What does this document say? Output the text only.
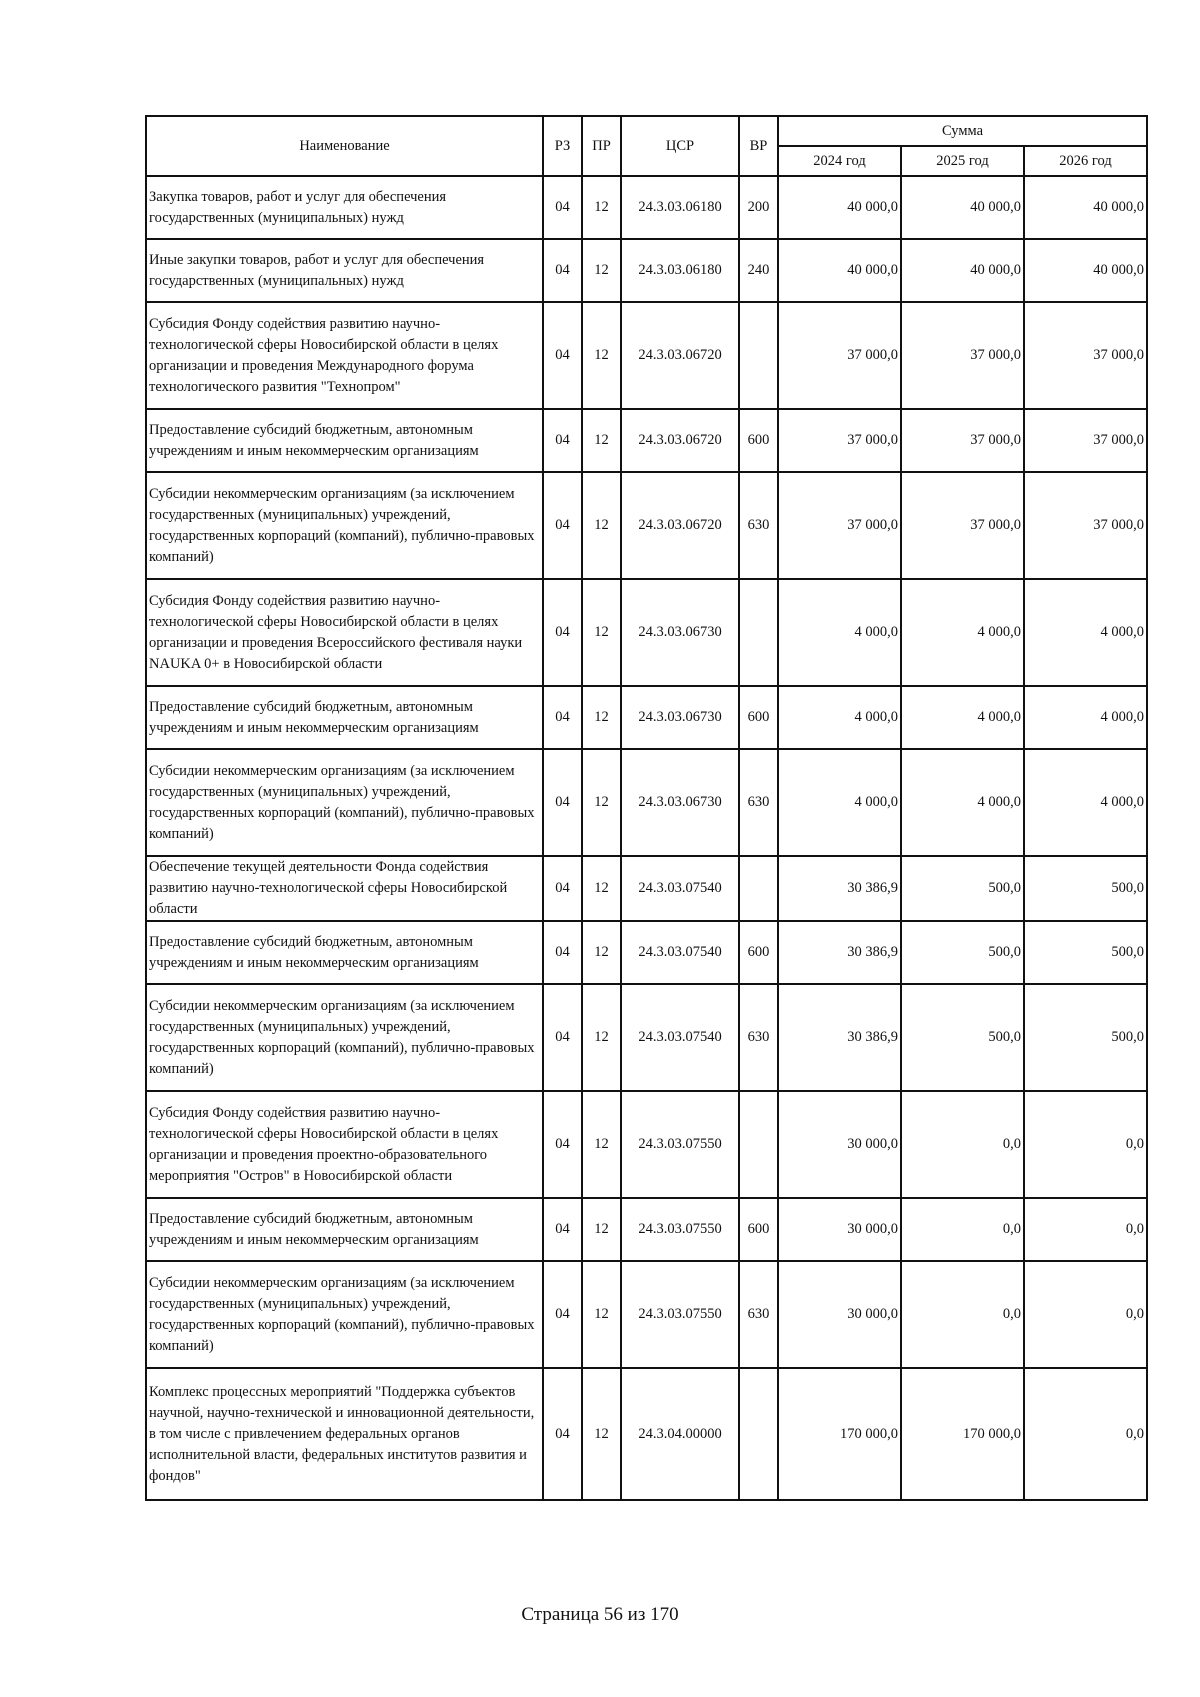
Наименование	РЗ	ПР	ЦСР	ВР	Сумма		
					2024 год	2025 год	2026 год
Закупка товаров, работ и услуг для обеспечения государственных (муниципальных) нужд	04	12	24.3.03.06180	200	40 000,0	40 000,0	40 000,0
Иные закупки товаров, работ и услуг для обеспечения государственных (муниципальных) нужд	04	12	24.3.03.06180	240	40 000,0	40 000,0	40 000,0
Субсидия Фонду содействия развитию научно-технологической сферы Новосибирской области в целях организации и проведения Международного форума технологического развития "Технопром"	04	12	24.3.03.06720		37 000,0	37 000,0	37 000,0
Предоставление субсидий бюджетным, автономным учреждениям и иным некоммерческим организациям	04	12	24.3.03.06720	600	37 000,0	37 000,0	37 000,0
Субсидии некоммерческим организациям (за исключением государственных (муниципальных) учреждений, государственных корпораций (компаний), публично-правовых компаний)	04	12	24.3.03.06720	630	37 000,0	37 000,0	37 000,0
Субсидия Фонду содействия развитию научно-технологической сферы Новосибирской области в целях организации и проведения Всероссийского фестиваля науки NAUKA 0+ в Новосибирской области	04	12	24.3.03.06730		4 000,0	4 000,0	4 000,0
Предоставление субсидий бюджетным, автономным учреждениям и иным некоммерческим организациям	04	12	24.3.03.06730	600	4 000,0	4 000,0	4 000,0
Субсидии некоммерческим организациям (за исключением государственных (муниципальных) учреждений, государственных корпораций (компаний), публично-правовых компаний)	04	12	24.3.03.06730	630	4 000,0	4 000,0	4 000,0
Обеспечение текущей деятельности Фонда содействия развитию научно-технологической сферы Новосибирской области	04	12	24.3.03.07540		30 386,9	500,0	500,0
Предоставление субсидий бюджетным, автономным учреждениям и иным некоммерческим организациям	04	12	24.3.03.07540	600	30 386,9	500,0	500,0
Субсидии некоммерческим организациям (за исключением государственных (муниципальных) учреждений, государственных корпораций (компаний), публично-правовых компаний)	04	12	24.3.03.07540	630	30 386,9	500,0	500,0
Субсидия Фонду содействия развитию научно-технологической сферы Новосибирской области в целях организации и проведения проектно-образовательного мероприятия "Остров" в Новосибирской области	04	12	24.3.03.07550		30 000,0	0,0	0,0
Предоставление субсидий бюджетным, автономным учреждениям и иным некоммерческим организациям	04	12	24.3.03.07550	600	30 000,0	0,0	0,0
Субсидии некоммерческим организациям (за исключением государственных (муниципальных) учреждений, государственных корпораций (компаний), публично-правовых компаний)	04	12	24.3.03.07550	630	30 000,0	0,0	0,0
Комплекс процессных мероприятий "Поддержка субъектов научной, научно-технической и инновационной деятельности, в том числе с привлечением федеральных органов исполнительной власти, федеральных институтов развития и фондов"	04	12	24.3.04.00000		170 000,0	170 000,0	0,0
Страница 56 из 170
